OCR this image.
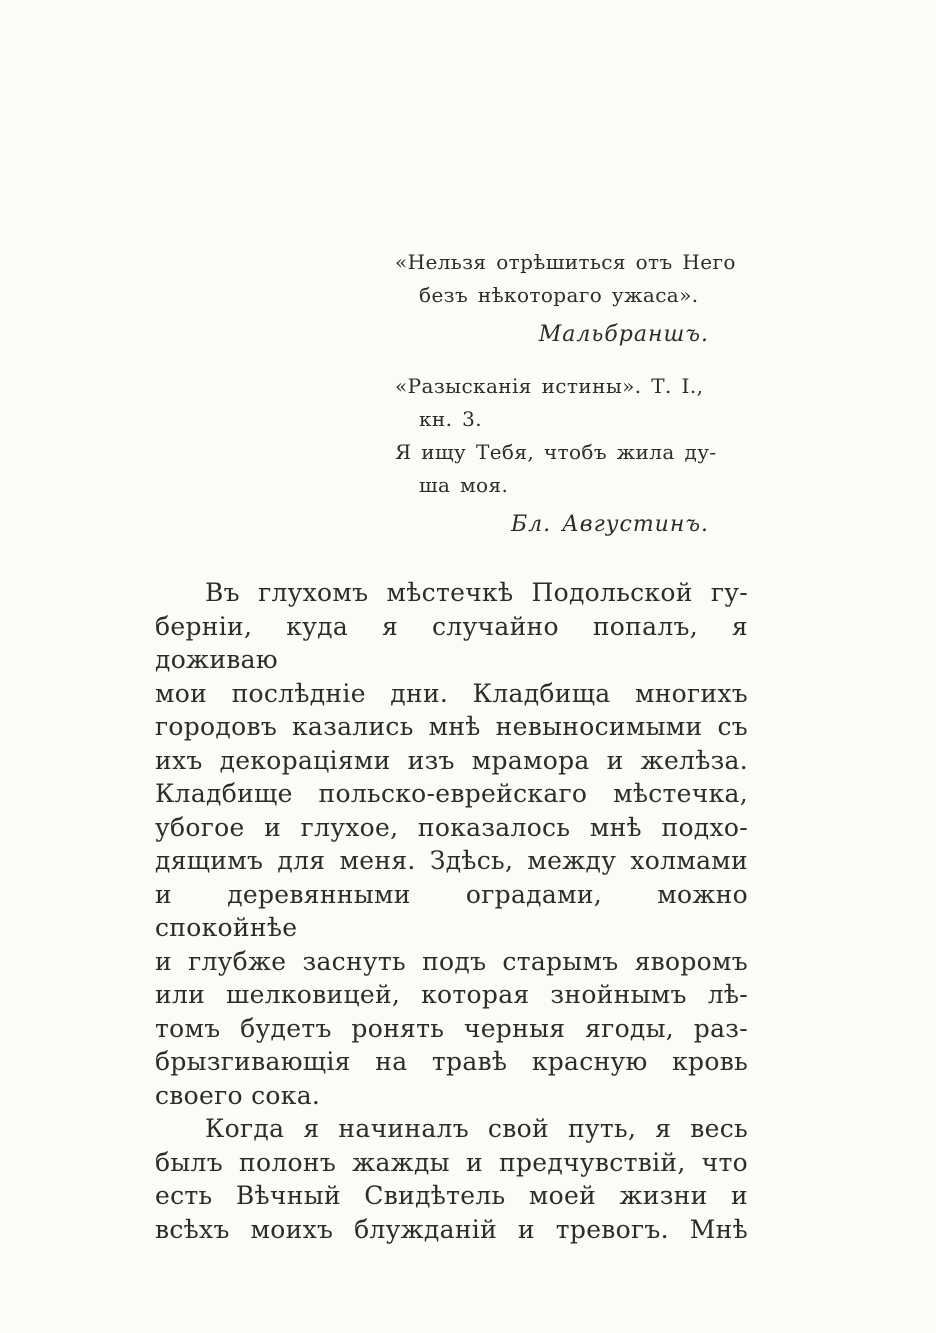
«Нельзя отрѣшиться отъ Него
безъ нѣкотораго ужаса».
Мальбраншъ.
«Разысканія истины». Т. I.,
кн. 3.
Я ищу Тебя, чтобъ жила ду-
ша моя.
Бл. Августинъ.
Въ глухомъ мѣстечкѣ Подольской гу-
берніи, куда я случайно попалъ, я доживаю
мои послѣдніе дни. Кладбища многихъ
городовъ казались мнѣ невыносимыми съ
ихъ декораціями изъ мрамора и желѣза.
Кладбище польско-еврейскаго мѣстечка,
убогое и глухое, показалось мнѣ подхо-
дящимъ для меня. Здѣсь, между холмами
и деревянными оградами, можно спокойнѣе
и глубже заснуть подъ старымъ яворомъ
или шелковицей, которая знойнымъ лѣ-
томъ будетъ ронять черныя ягоды, раз-
брызгивающія на травѣ красную кровь
своего сока.
Когда я начиналъ свой путь, я весь
былъ полонъ жажды и предчувствій, что
есть Вѣчный Свидѣтель моей жизни и
всѣхъ моихъ блужданій и тревогъ. Мнѣ
